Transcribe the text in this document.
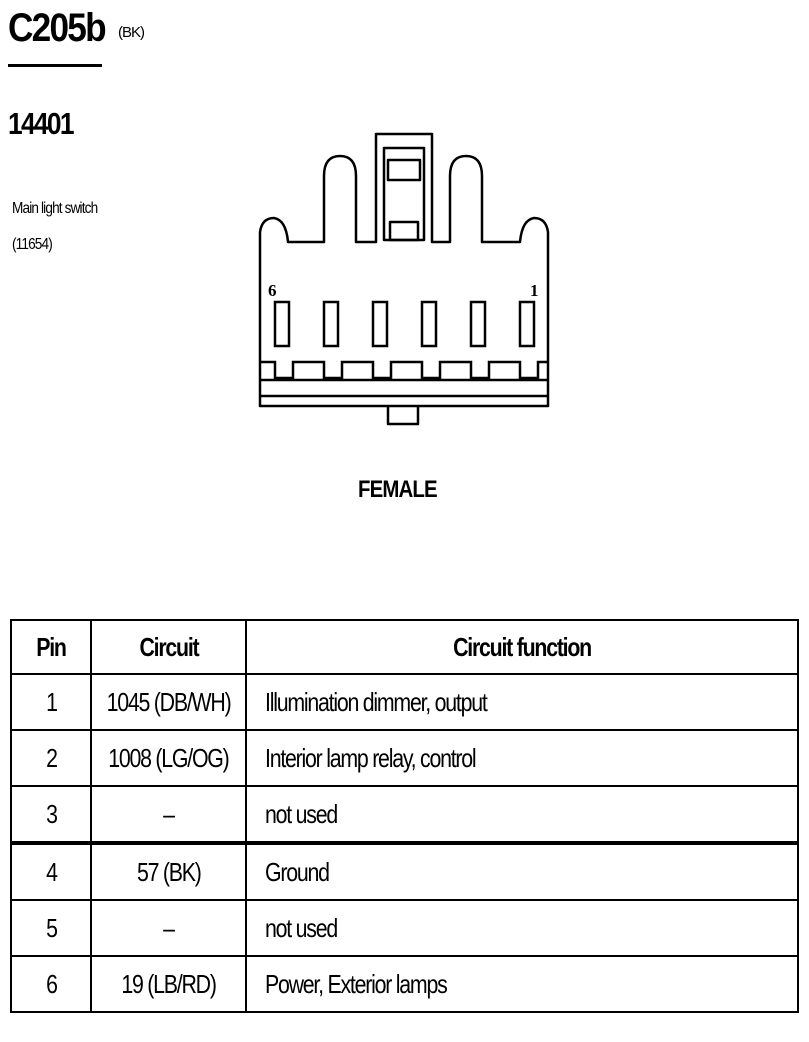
C205b (BK)
14401
Main light switch
(11654)
6	1
FEMALE
Pin	Circuit	Circuit function
1	1045 (DB/WH)	Illumination dimmer, output
2	1008 (LG/OG)	Interior lamp relay, control
3	–	not used
4	57 (BK)	Ground
5	–	not used
6	19 (LB/RD)	Power, Exterior lamps
